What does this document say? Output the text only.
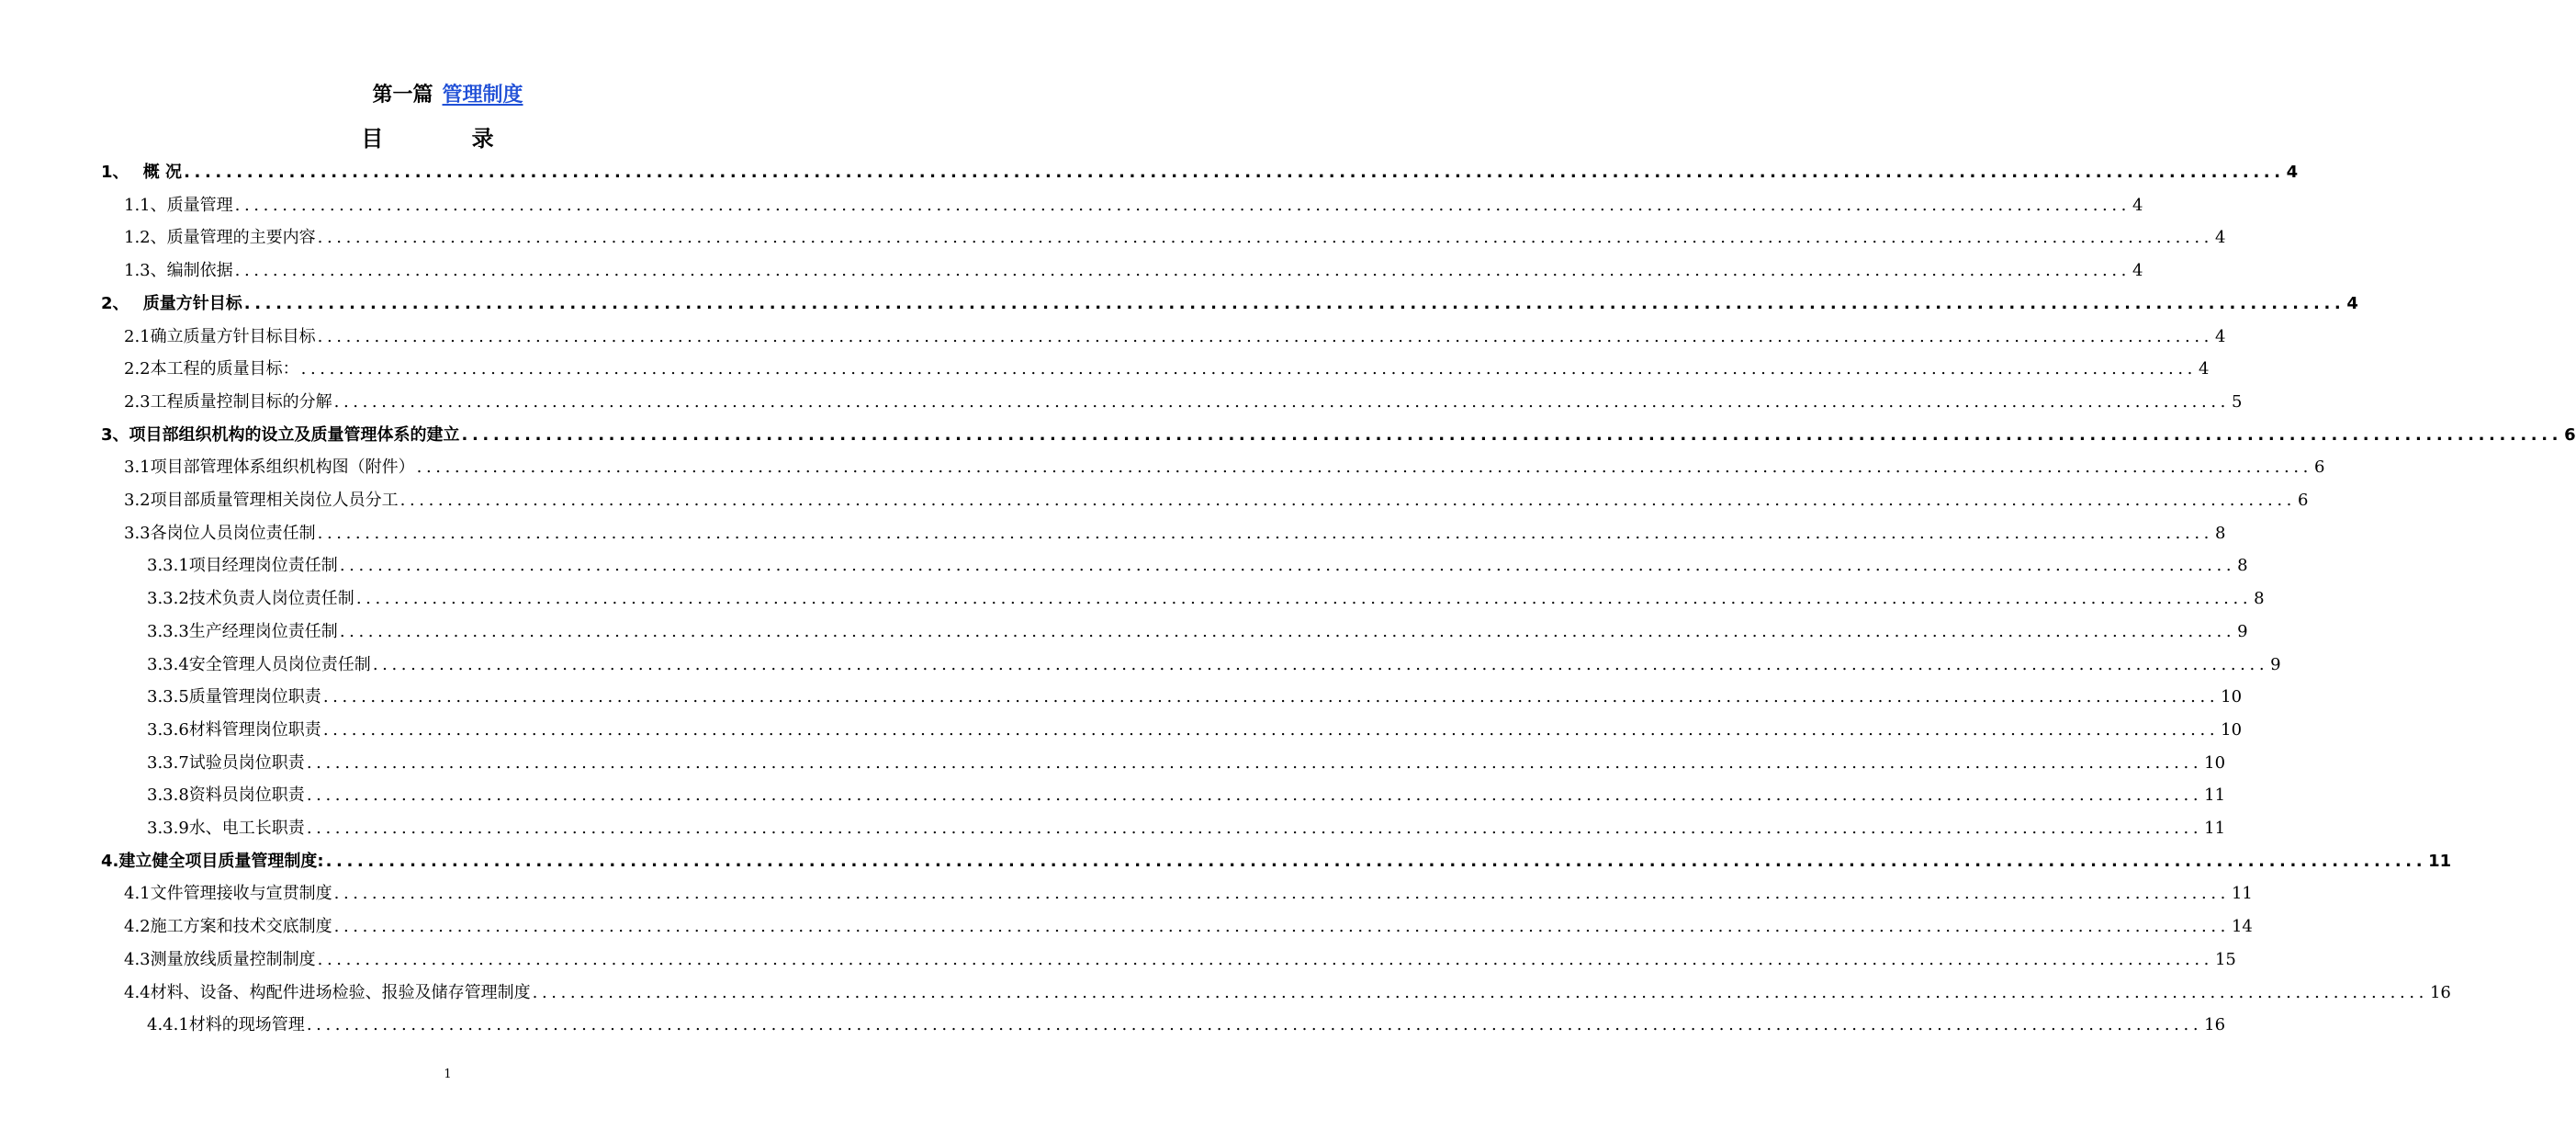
第一篇 管理制度
目 录
1、　 概 况 ........................................................................................................................................................................................................ 4
1.1、质量管理 ........................................................................................................................................................................................................ 4
1.2、质量管理的主要内容 ........................................................................................................................................................................................................ 4
1.3、编制依据 ........................................................................................................................................................................................................ 4
2、　 质量方针目标 ........................................................................................................................................................................................................ 4
2.1确立质量方针目标目标 ........................................................................................................................................................................................................ 4
2.2本工程的质量目标： ........................................................................................................................................................................................................ 4
2.3工程质量控制目标的分解 ........................................................................................................................................................................................................ 5
3、项目部组织机构的设立及质量管理体系的建立 ........................................................................................................................................................................................................ 6
3.1项目部管理体系组织机构图（附件） ........................................................................................................................................................................................................ 6
3.2项目部质量管理相关岗位人员分工 ........................................................................................................................................................................................................ 6
3.3各岗位人员岗位责任制 ........................................................................................................................................................................................................ 8
3.3.1项目经理岗位责任制 ........................................................................................................................................................................................................ 8
3.3.2技术负责人岗位责任制 ........................................................................................................................................................................................................ 8
3.3.3生产经理岗位责任制 ........................................................................................................................................................................................................ 9
3.3.4安全管理人员岗位责任制 ........................................................................................................................................................................................................ 9
3.3.5质量管理岗位职责 ........................................................................................................................................................................................................ 10
3.3.6材料管理岗位职责 ........................................................................................................................................................................................................ 10
3.3.7试验员岗位职责 ........................................................................................................................................................................................................ 10
3.3.8资料员岗位职责 ........................................................................................................................................................................................................ 11
3.3.9水、电工长职责 ........................................................................................................................................................................................................ 11
4.建立健全项目质量管理制度: ........................................................................................................................................................................................................ 11
4.1文件管理接收与宣贯制度 ........................................................................................................................................................................................................ 11
4.2施工方案和技术交底制度 ........................................................................................................................................................................................................ 14
4.3测量放线质量控制制度 ........................................................................................................................................................................................................ 15
4.4材料、设备、构配件进场检验、报验及储存管理制度 ........................................................................................................................................................................................................ 16
4.4.1材料的现场管理 ........................................................................................................................................................................................................ 16
1
